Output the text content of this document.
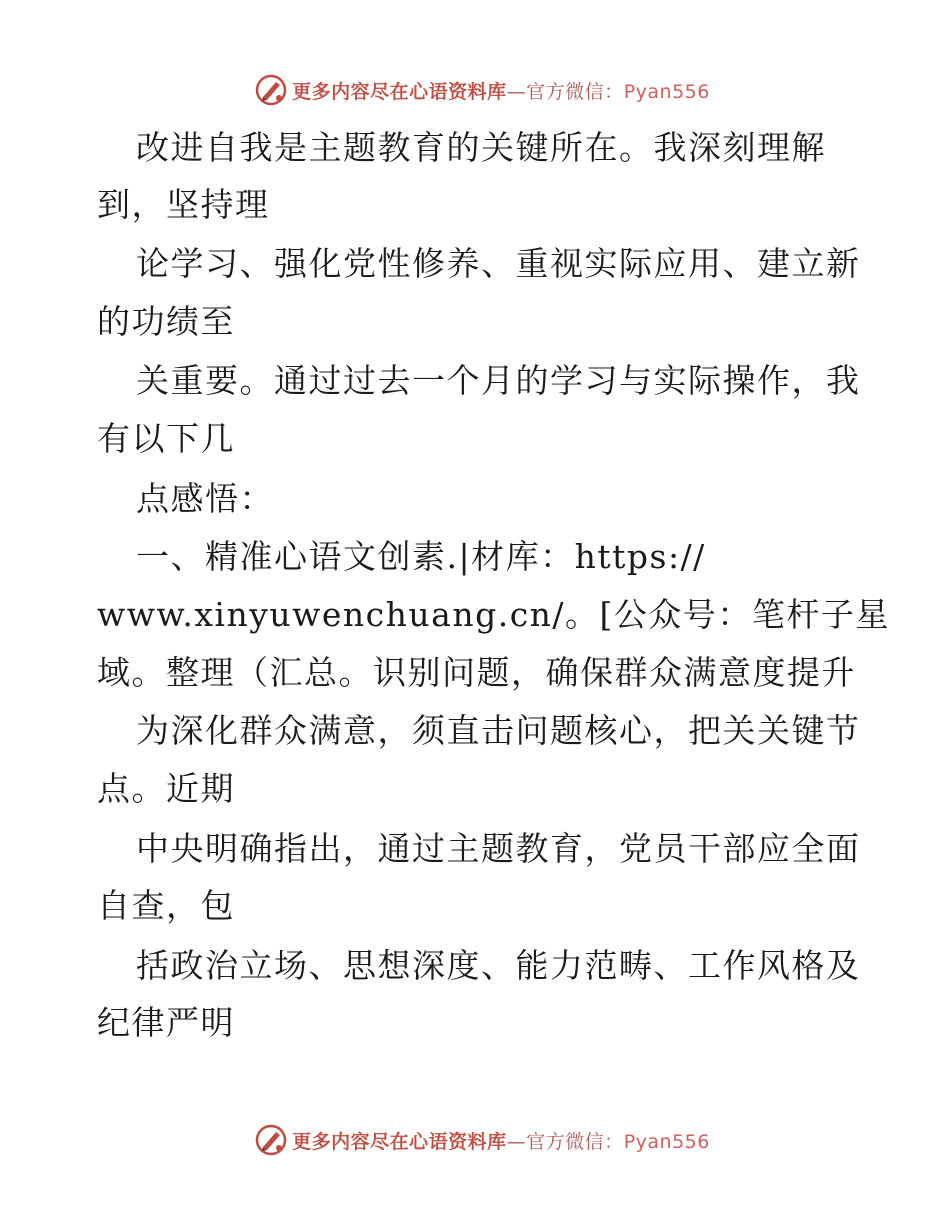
更多内容尽在心语资料库—官方微信：Pyan556
改进自我是主题教育的关键所在。我深刻理解
到，坚持理
论学习、强化党性修养、重视实际应用、建立新
的功绩至
关重要。通过过去一个月的学习与实际操作，我
有以下几
点感悟：
一、精准心语文创素.|材库：https://
www.xinyuwenchuang.cn/。[公众号：笔杆子星
域。整理（汇总。识别问题，确保群众满意度提升
为深化群众满意，须直击问题核心，把关关键节
点。近期
中央明确指出，通过主题教育，党员干部应全面
自查，包
括政治立场、思想深度、能力范畴、工作风格及
纪律严明
更多内容尽在心语资料库—官方微信：Pyan556
